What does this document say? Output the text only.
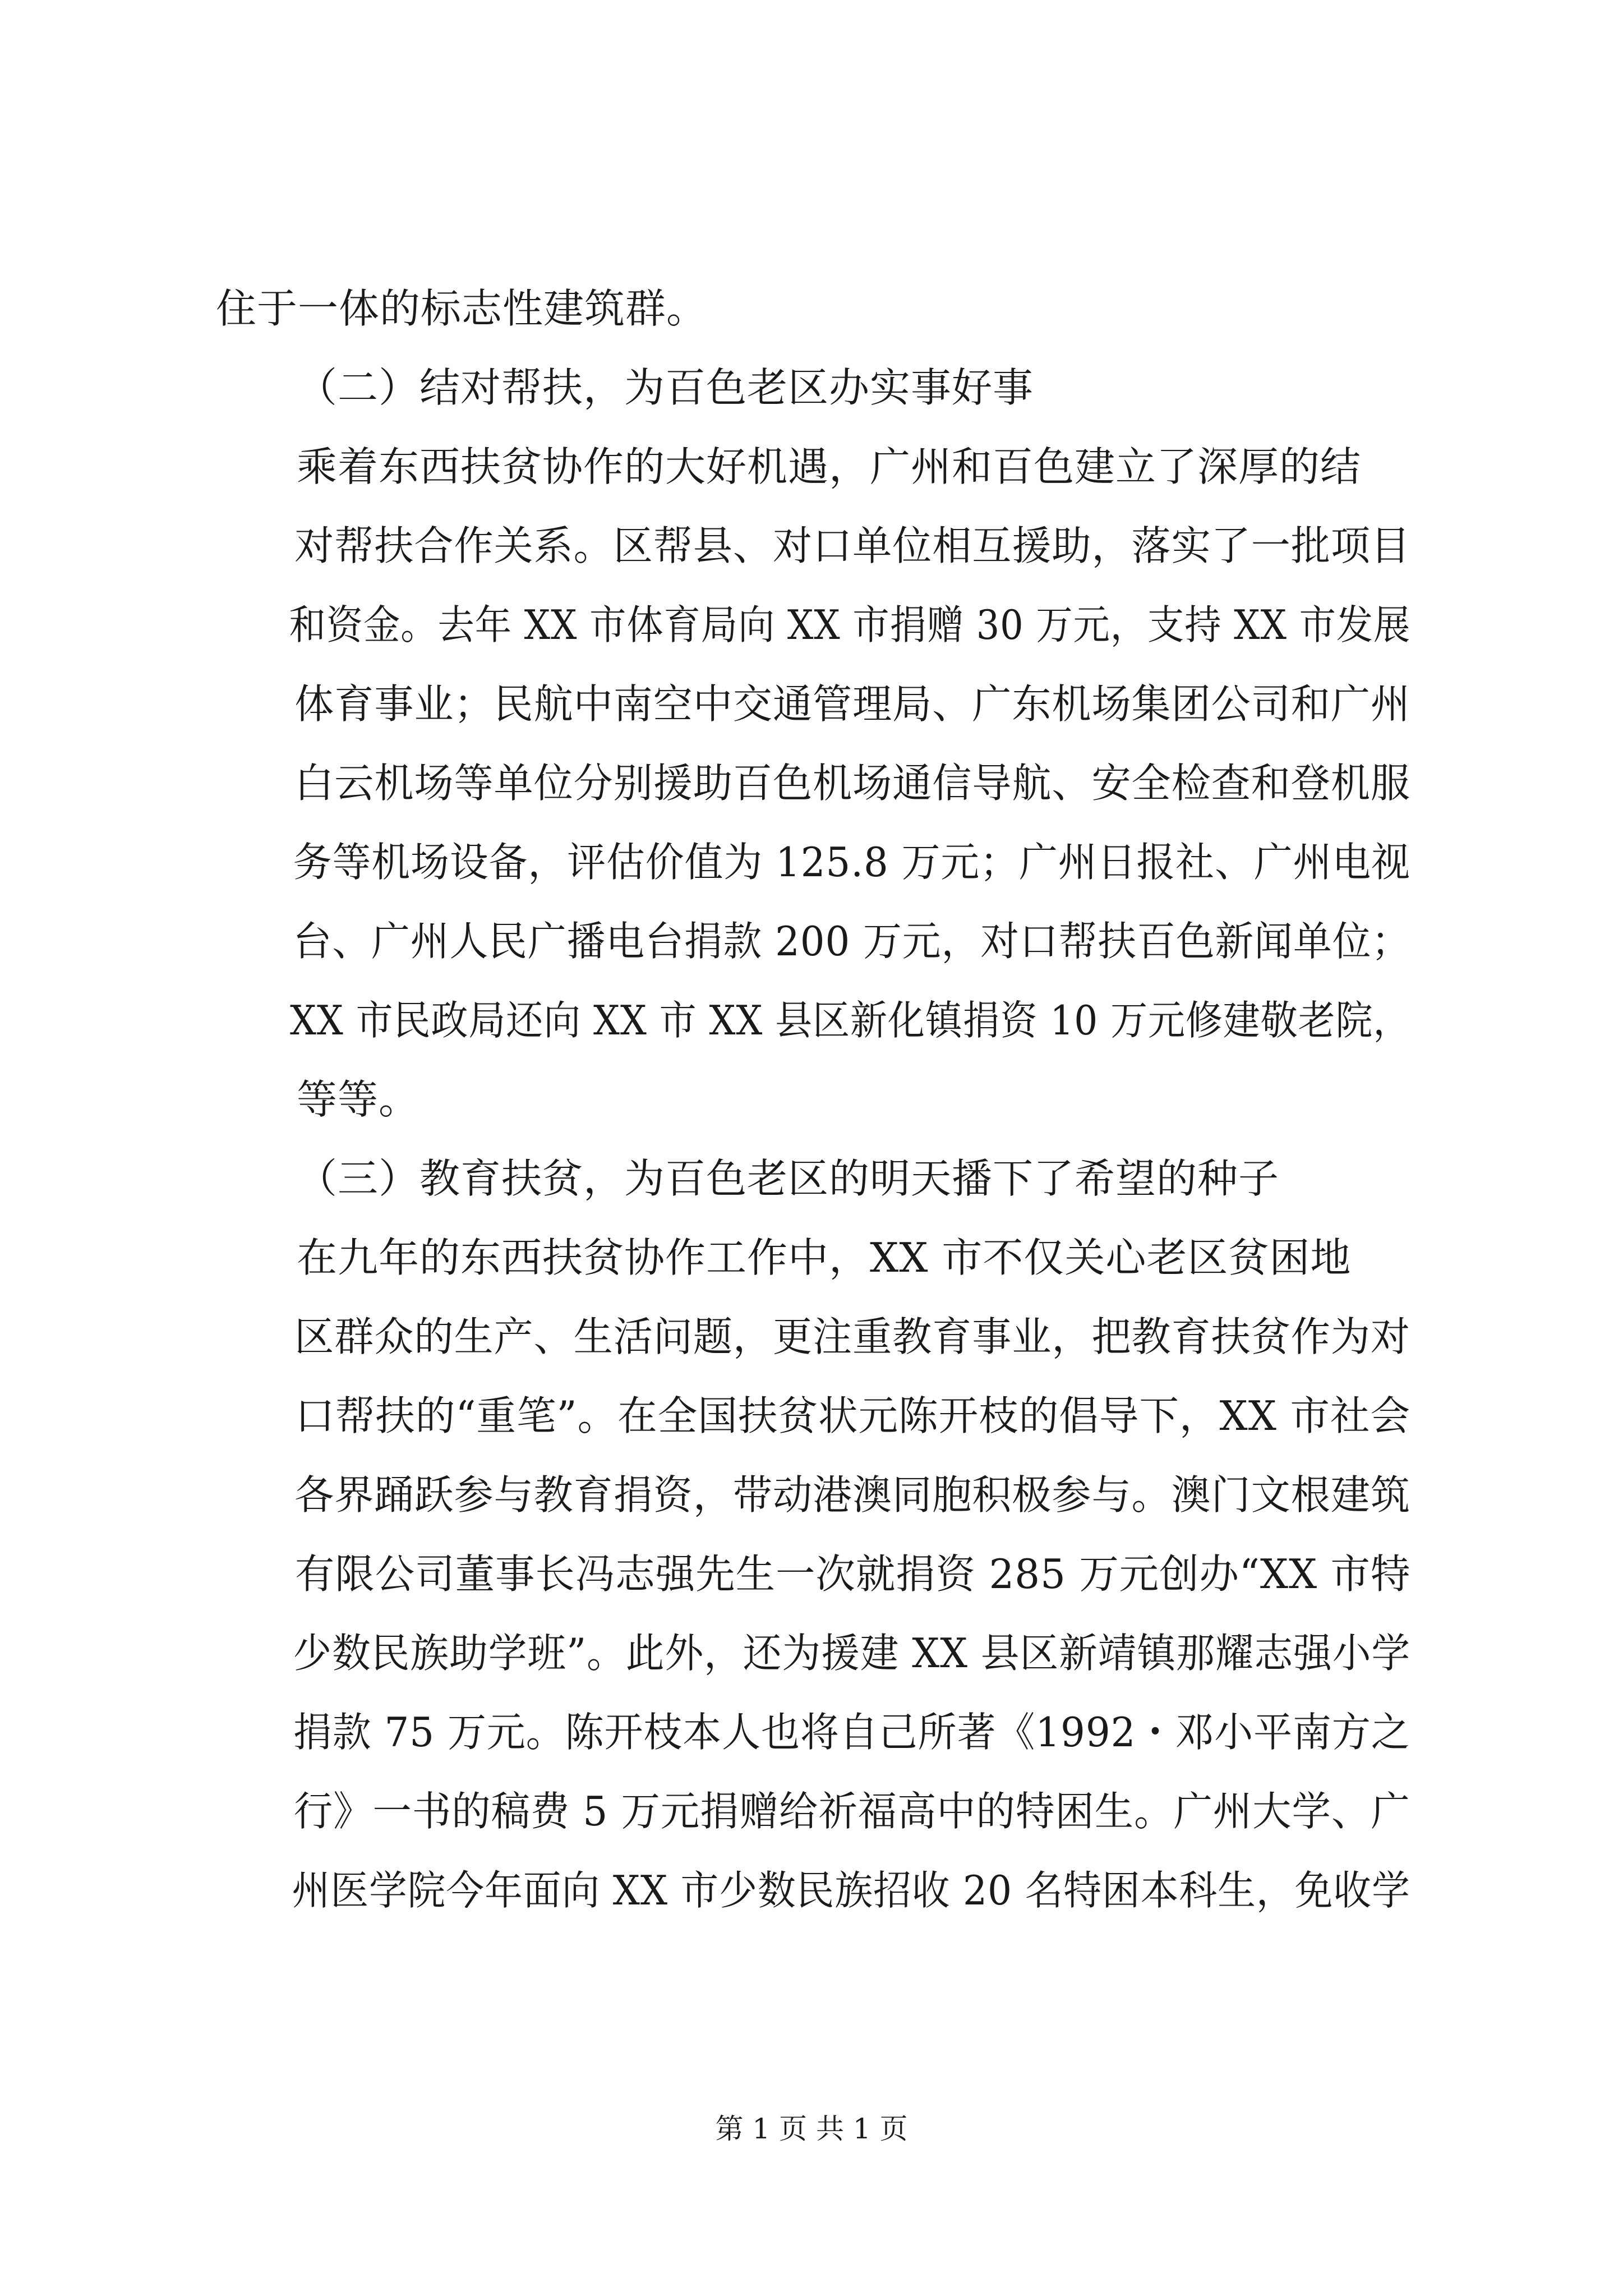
住于一体的标志性建筑群。
（二）结对帮扶，为百色老区办实事好事
乘着东西扶贫协作的大好机遇，广州和百色建立了深厚的结
对帮扶合作关系。区帮县、对口单位相互援助，落实了一批项目
和资金。去年 XX 市体育局向 XX 市捐赠 30 万元，支持 XX 市发展
体育事业；民航中南空中交通管理局、广东机场集团公司和广州
白云机场等单位分别援助百色机场通信导航、安全检查和登机服
务等机场设备，评估价值为 125.8 万元；广州日报社、广州电视
台、广州人民广播电台捐款 200 万元，对口帮扶百色新闻单位；
XX 市民政局还向 XX 市 XX 县区新化镇捐资 10 万元修建敬老院，
等等。
（三）教育扶贫，为百色老区的明天播下了希望的种子
在九年的东西扶贫协作工作中，XX 市不仅关心老区贫困地
区群众的生产、生活问题，更注重教育事业，把教育扶贫作为对
口帮扶的“重笔”。在全国扶贫状元陈开枝的倡导下，XX 市社会
各界踊跃参与教育捐资，带动港澳同胞积极参与。澳门文根建筑
有限公司董事长冯志强先生一次就捐资 285 万元创办“XX 市特
少数民族助学班”。此外，还为援建 XX 县区新靖镇那耀志强小学
捐款 75 万元。陈开枝本人也将自己所著《1992・邓小平南方之
行》一书的稿费 5 万元捐赠给祈福高中的特困生。广州大学、广
州医学院今年面向 XX 市少数民族招收 20 名特困本科生，免收学
第 1 页 共 1 页
